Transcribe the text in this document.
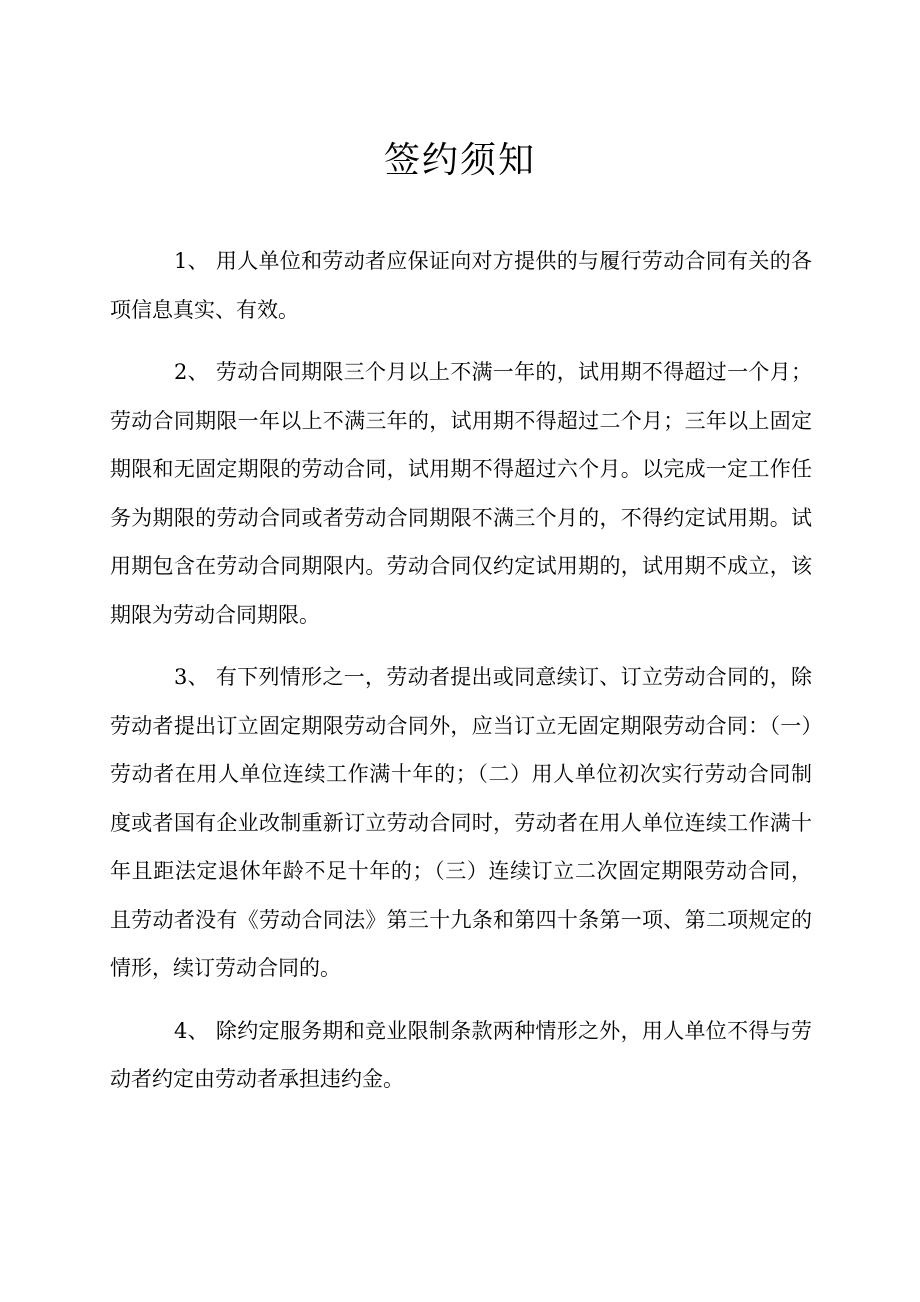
签约须知

1、 用人单位和劳动者应保证向对方提供的与履行劳动合同有关的各项信息真实、有效。

2、 劳动合同期限三个月以上不满一年的，试用期不得超过一个月；劳动合同期限一年以上不满三年的，试用期不得超过二个月；三年以上固定期限和无固定期限的劳动合同，试用期不得超过六个月。以完成一定工作任务为期限的劳动合同或者劳动合同期限不满三个月的，不得约定试用期。试用期包含在劳动合同期限内。劳动合同仅约定试用期的，试用期不成立，该期限为劳动合同期限。

3、 有下列情形之一，劳动者提出或同意续订、订立劳动合同的，除劳动者提出订立固定期限劳动合同外，应当订立无固定期限劳动合同：（一）劳动者在用人单位连续工作满十年的；（二）用人单位初次实行劳动合同制度或者国有企业改制重新订立劳动合同时，劳动者在用人单位连续工作满十年且距法定退休年龄不足十年的；（三）连续订立二次固定期限劳动合同，且劳动者没有《劳动合同法》第三十九条和第四十条第一项、第二项规定的情形，续订劳动合同的。

4、 除约定服务期和竞业限制条款两种情形之外，用人单位不得与劳动者约定由劳动者承担违约金。
